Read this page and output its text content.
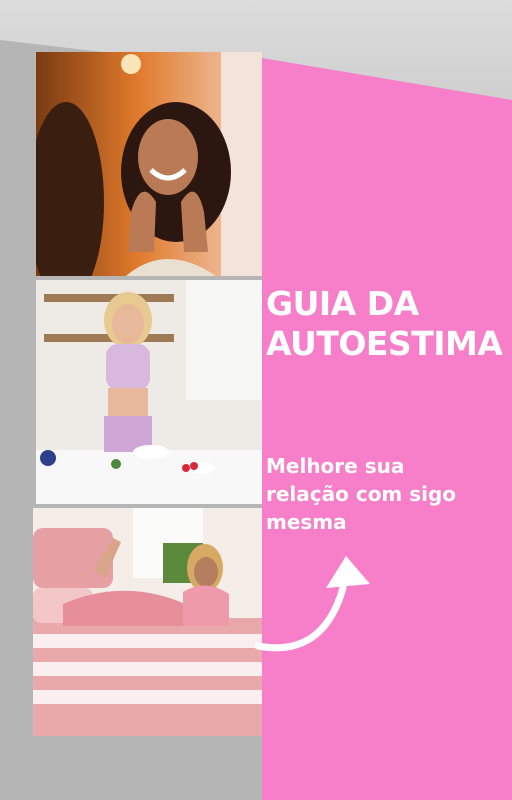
GUIA DA
AUTOESTIMA
Melhore sua
relação com sigo
mesma
